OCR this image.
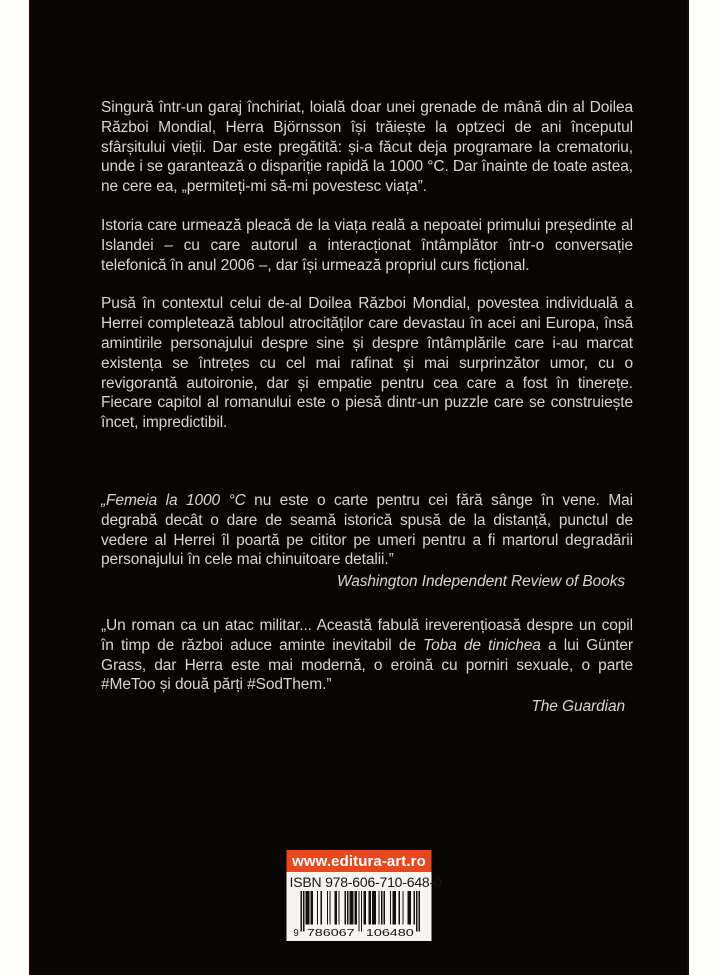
Singură într-un garaj închiriat, loială doar unei grenade de mână din al Doilea Război Mondial, Herra Björnsson își trăiește la optzeci de ani începutul sfârșitului vieții. Dar este pregătită: și-a făcut deja programare la crematoriu, unde i se garantează o dispariție rapidă la 1000 °C. Dar înainte de toate astea, ne cere ea, „permiteți-mi să-mi povestesc viața”.

Istoria care urmează pleacă de la viața reală a nepoatei primului președinte al Islandei – cu care autorul a interacționat întâmplător într-o conversație telefonică în anul 2006 –, dar își urmează propriul curs ficțional.

Pusă în contextul celui de-al Doilea Război Mondial, povestea individuală a Herrei completează tabloul atrocităților care devastau în acei ani Europa, însă amintirile personajului despre sine și despre întâmplările care i-au marcat existența se întrețes cu cel mai rafinat și mai surprinzător umor, cu o revigorantă autoironie, dar și empatie pentru cea care a fost în tinerețe. Fiecare capitol al romanului este o piesă dintr-un puzzle care se construiește încet, impredictibil.

„Femeia la 1000 °C nu este o carte pentru cei fără sânge în vene. Mai degrabă decât o dare de seamă istorică spusă de la distanță, punctul de vedere al Herrei îl poartă pe cititor pe umeri pentru a fi martorul degradării personajului în cele mai chinuitoare detalii.”

Washington Independent Review of Books

„Un roman ca un atac militar... Această fabulă ireverențioasă despre un copil în timp de război aduce aminte inevitabil de Toba de tinichea a lui Günter Grass, dar Herra este mai modernă, o eroină cu porniri sexuale, o parte #MeToo și două părți #SodThem.”

The Guardian

www.editura-art.ro
ISBN 978-606-710-648-0
9 786067 106480
